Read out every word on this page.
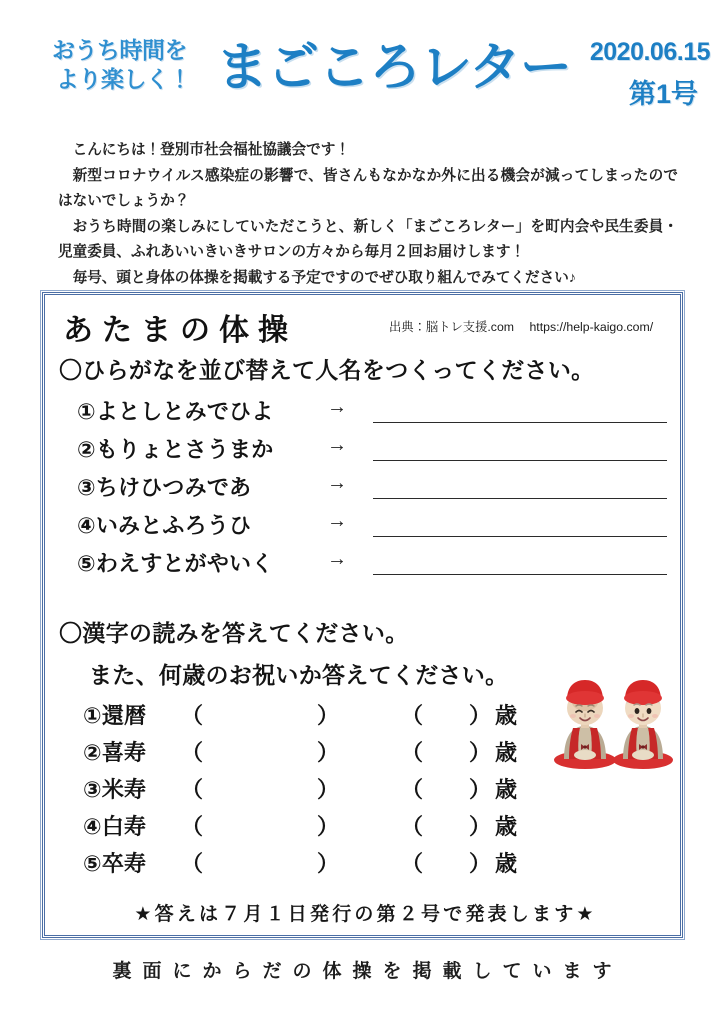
おうち時間を
より楽しく！ まごころレター 2020.06.15
第1号

こんにちは！登別市社会福祉協議会です！

新型コロナウイルス感染症の影響で、皆さんもなかなか外に出る機会が減ってしまったのではないでしょうか？

おうち時間の楽しみにしていただこうと、新しく「まごころレター」を町内会や民生委員・児童委員、ふれあいいきいきサロンの方々から毎月２回お届けします！

毎号、頭と身体の体操を掲載する予定ですのでぜひ取り組んでみてください♪

あたまの体操	出典：脳トレ支援.com https://help-kaigo.com/
〇ひらがなを並び替えて人名をつくってください。
①よとしとみでひよ	→
②もりょとさうまか	→
③ちけひつみであ	→
④いみとふろうひ	→
⑤わえすとがやいく	→
〇漢字の読みを答えてください。
また、何歳のお祝いか答えてください。
①還暦 （	）	（ ） 歳
②喜寿 （	）	（ ） 歳
③米寿 （	）	（ ） 歳
④白寿 （	）	（ ） 歳
⑤卒寿 （	）	（ ） 歳
★答えは７月１日発行の第２号で発表します★
裏面にからだの体操を掲載しています
